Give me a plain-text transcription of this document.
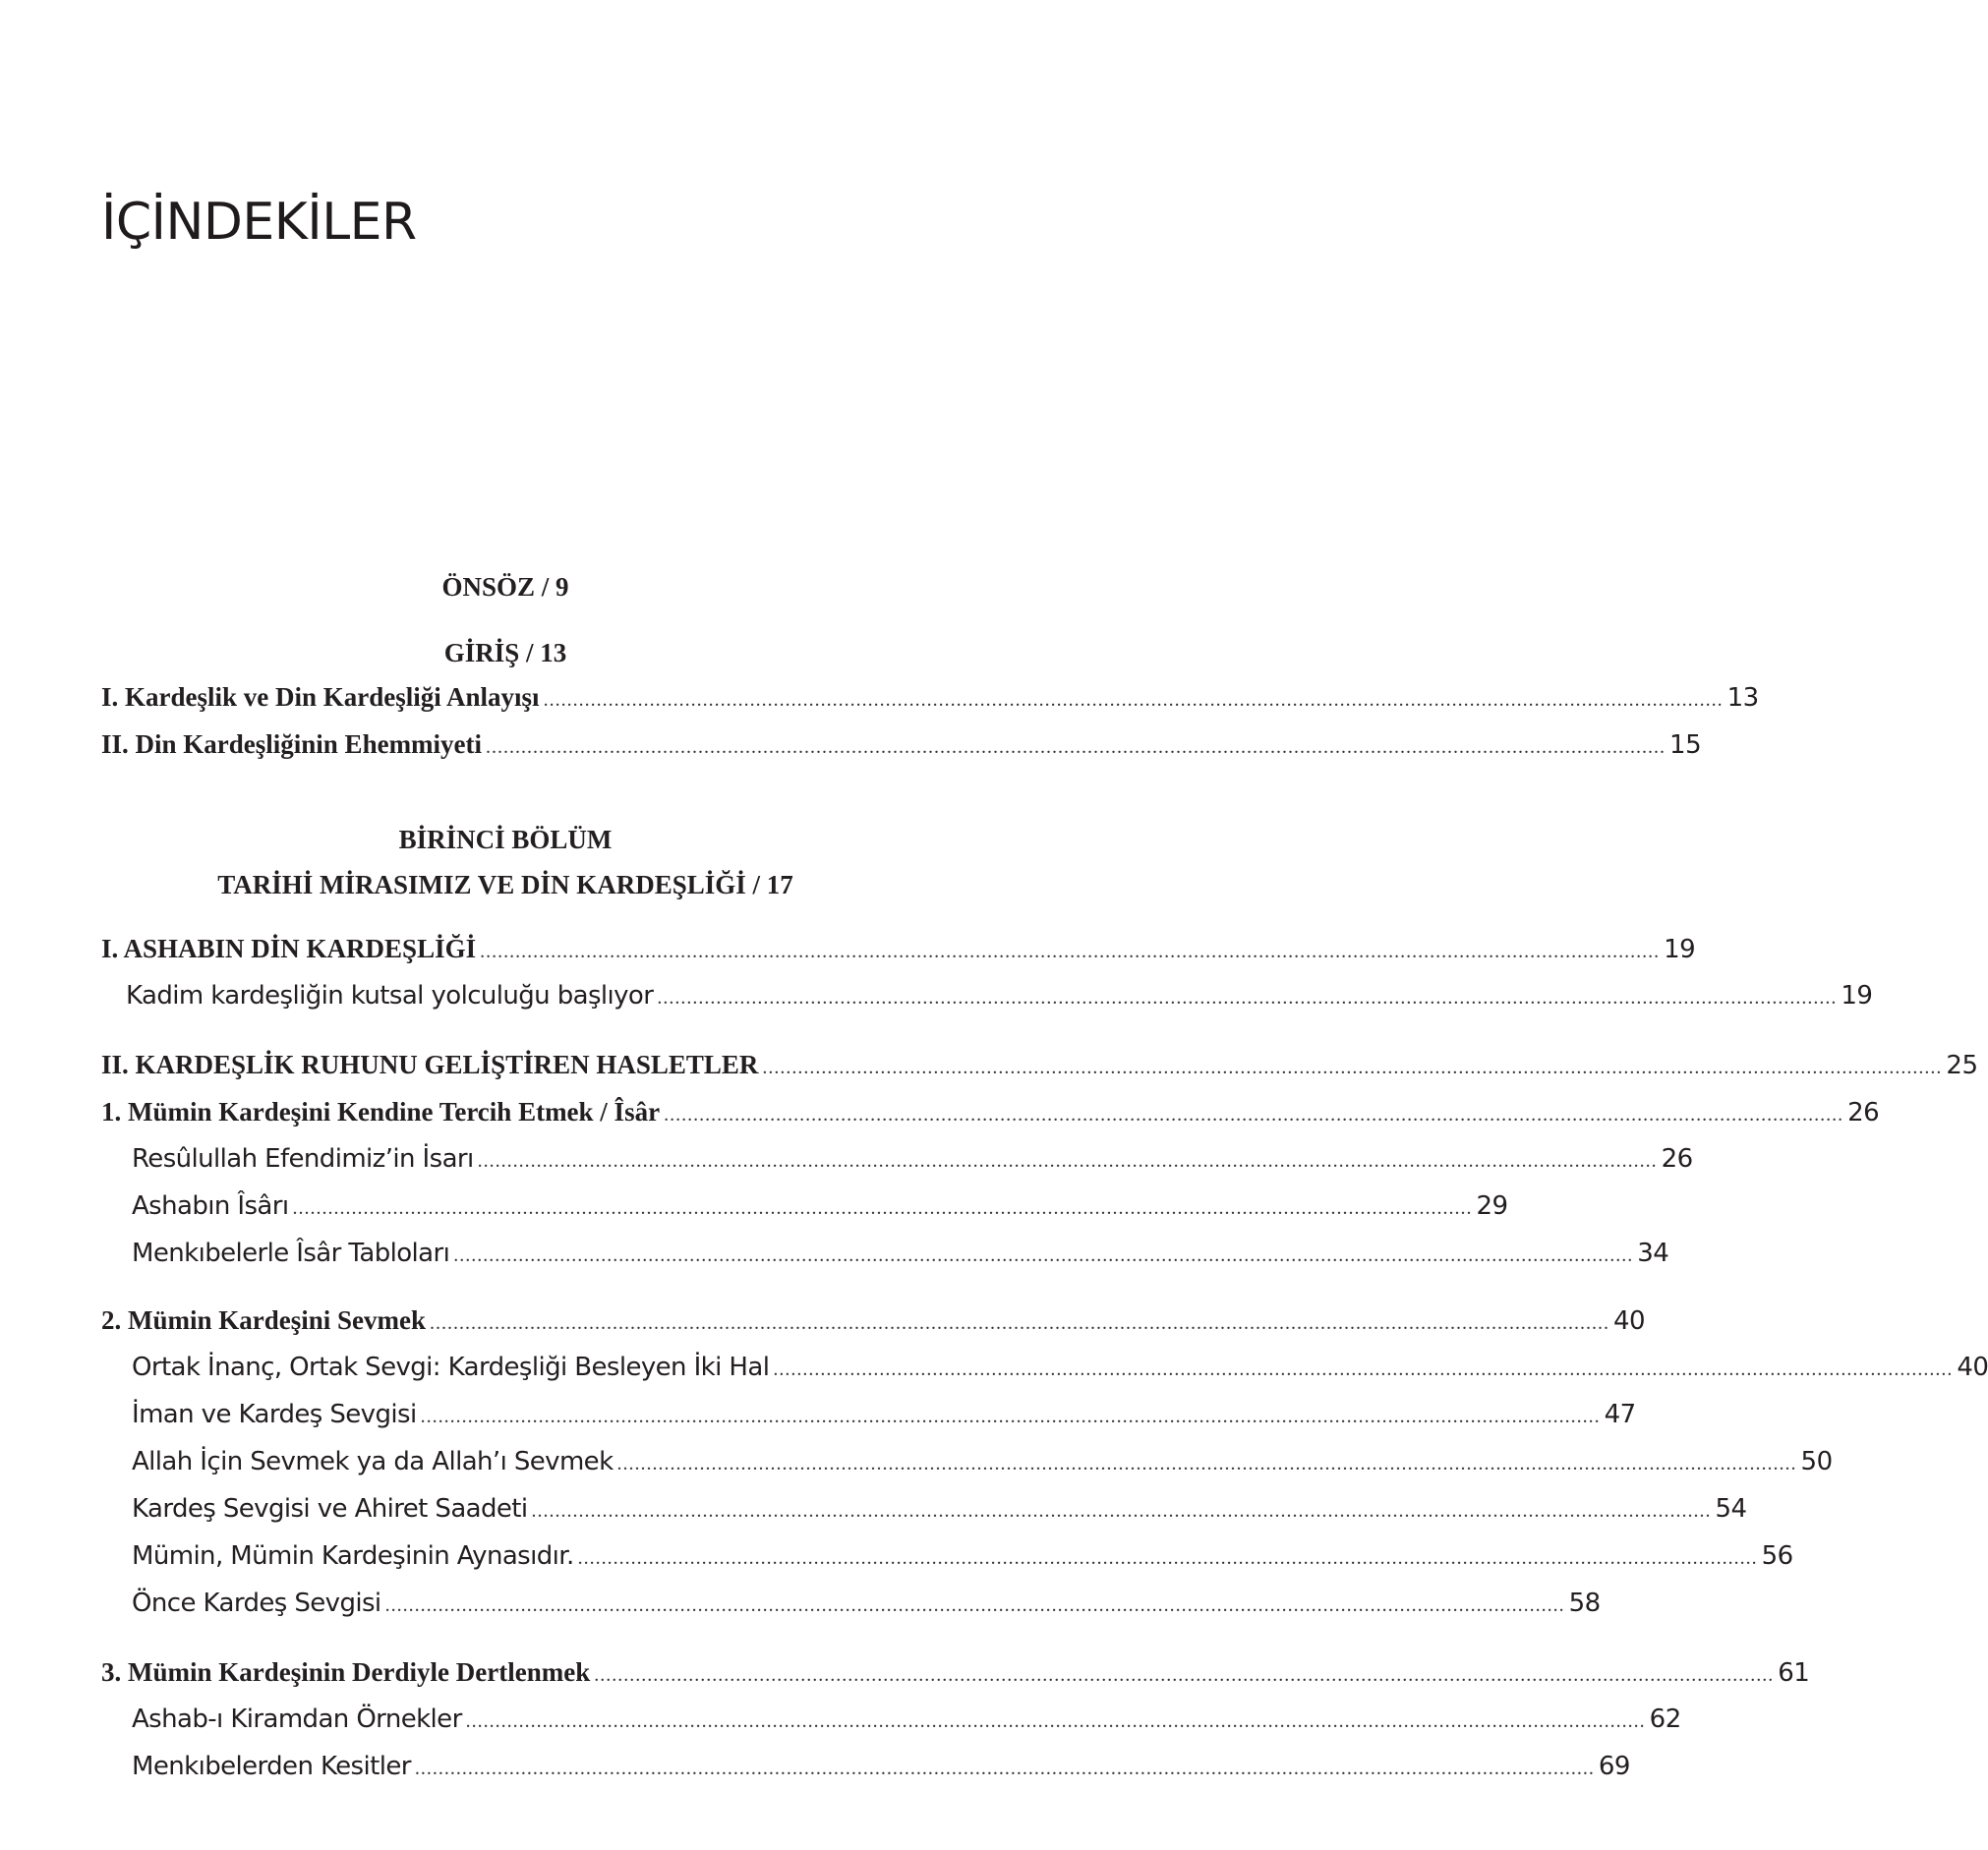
İÇİNDEKİLER
ÖNSÖZ / 9
GİRİŞ / 13
I. Kardeşlik ve Din Kardeşliği Anlayışı ........................................................................................................................................................................................................ 13
II. Din Kardeşliğinin Ehemmiyeti ........................................................................................................................................................................................................ 15
BİRİNCİ BÖLÜM
TARİHİ MİRASIMIZ VE DİN KARDEŞLİĞİ / 17
I. ASHABIN DİN KARDEŞLİĞİ ........................................................................................................................................................................................................ 19
Kadim kardeşliğin kutsal yolculuğu başlıyor ........................................................................................................................................................................................................ 19
II. KARDEŞLİK RUHUNU GELİŞTİREN HASLETLER ........................................................................................................................................................................................................ 25
1. Mümin Kardeşini Kendine Tercih Etmek / Îsâr ........................................................................................................................................................................................................ 26
Resûlullah Efendimiz’in İsarı ........................................................................................................................................................................................................ 26
Ashabın Îsârı ........................................................................................................................................................................................................ 29
Menkıbelerle Îsâr Tabloları ........................................................................................................................................................................................................ 34
2. Mümin Kardeşini Sevmek ........................................................................................................................................................................................................ 40
Ortak İnanç, Ortak Sevgi: Kardeşliği Besleyen İki Hal ........................................................................................................................................................................................................ 40
İman ve Kardeş Sevgisi ........................................................................................................................................................................................................ 47
Allah İçin Sevmek ya da Allah’ı Sevmek ........................................................................................................................................................................................................ 50
Kardeş Sevgisi ve Ahiret Saadeti ........................................................................................................................................................................................................ 54
Mümin, Mümin Kardeşinin Aynasıdır. ........................................................................................................................................................................................................ 56
Önce Kardeş Sevgisi ........................................................................................................................................................................................................ 58
3. Mümin Kardeşinin Derdiyle Dertlenmek ........................................................................................................................................................................................................ 61
Ashab-ı Kiramdan Örnekler ........................................................................................................................................................................................................ 62
Menkıbelerden Kesitler ........................................................................................................................................................................................................ 69
